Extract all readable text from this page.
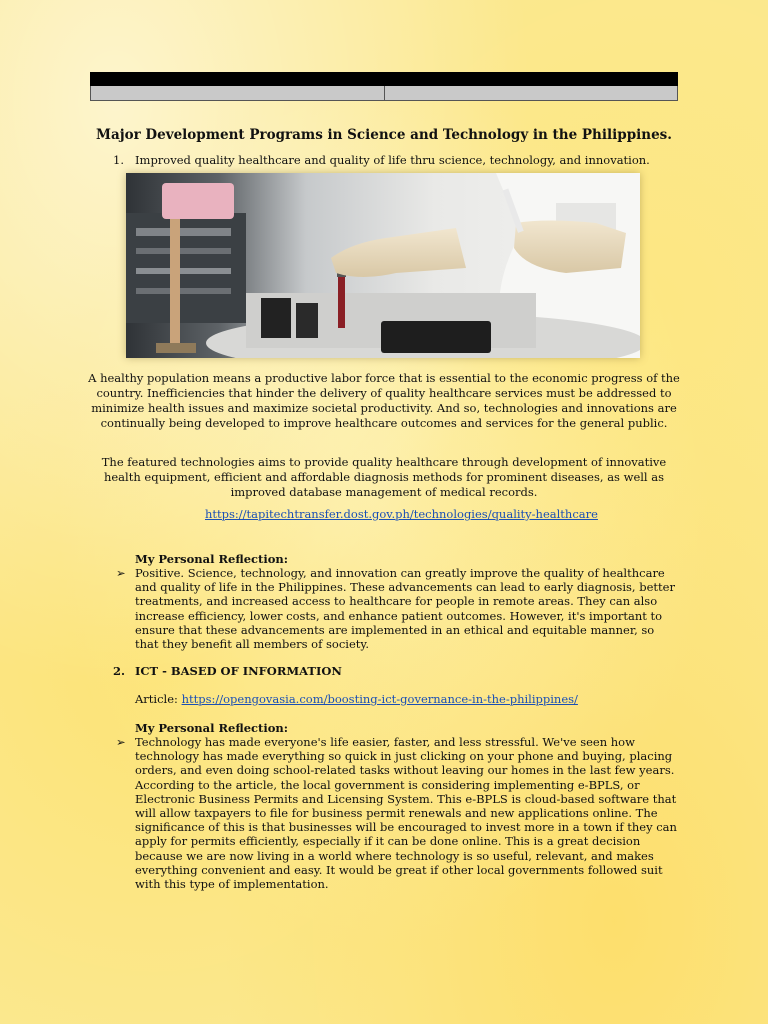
Major Development Programs in Science and Technology in the Philippines.
1. Improved quality healthcare and quality of life thru science, technology, and innovation.

A healthy population means a productive labor force that is essential to the economic progress of the country. Inefficiencies that hinder the delivery of quality healthcare services must be addressed to minimize health issues and maximize societal productivity. And so, technologies and innovations are continually being developed to improve healthcare outcomes and services for the general public.

The featured technologies aims to provide quality healthcare through development of innovative health equipment, efficient and affordable diagnosis methods for prominent diseases, as well as improved database management of medical records.

https://tapitechtransfer.dost.gov.ph/technologies/quality-healthcare
My Personal Reflection:
➢ Positive. Science, technology, and innovation can greatly improve the quality of healthcare and quality of life in the Philippines. These advancements can lead to early diagnosis, better treatments, and increased access to healthcare for people in remote areas. They can also increase efficiency, lower costs, and enhance patient outcomes. However, it's important to ensure that these advancements are implemented in an ethical and equitable manner, so that they benefit all members of society.

2. ICT - BASED OF INFORMATION
Article: https://opengovasia.com/boosting-ict-governance-in-the-philippines/
My Personal Reflection:
➢ Technology has made everyone's life easier, faster, and less stressful. We've seen how technology has made everything so quick in just clicking on your phone and buying, placing orders, and even doing school-related tasks without leaving our homes in the last few years. According to the article, the local government is considering implementing e-BPLS, or Electronic Business Permits and Licensing System. This e-BPLS is cloud-based software that will allow taxpayers to file for business permit renewals and new applications online. The significance of this is that businesses will be encouraged to invest more in a town if they can apply for permits efficiently, especially if it can be done online. This is a great decision because we are now living in a world where technology is so useful, relevant, and makes everything convenient and easy. It would be great if other local governments followed suit with this type of implementation.
